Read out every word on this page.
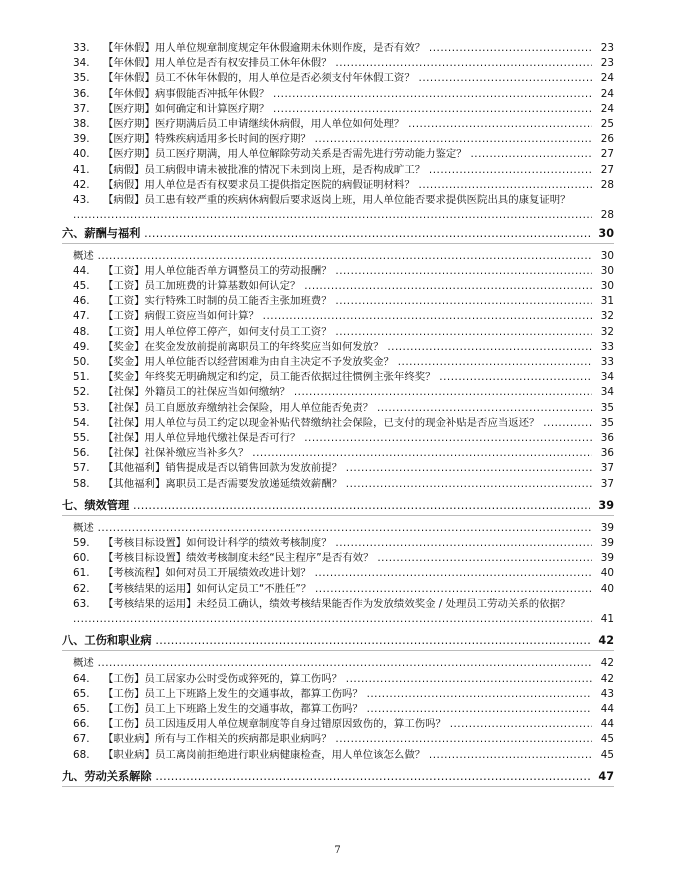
33. 【年休假】用人单位规章制度规定年休假逾期未休则作废，是否有效？ .....	23
34. 【年休假】用人单位是否有权安排员工休年休假？ .....	23
35. 【年休假】员工不休年休假的，用人单位是否必须支付年休假工资？ .....	24
36. 【年休假】病事假能否冲抵年休假？ .....	24
37. 【医疗期】如何确定和计算医疗期？ .....	24
38. 【医疗期】医疗期满后员工申请继续休病假，用人单位如何处理？ .....	25
39. 【医疗期】特殊疾病适用多长时间的医疗期？ .....	26
40. 【医疗期】员工医疗期满，用人单位解除劳动关系是否需先进行劳动能力鉴定？ .....	27
41. 【病假】员工病假申请未被批准的情况下未到岗上班，是否构成旷工？ .....	27
42. 【病假】用人单位是否有权要求员工提供指定医院的病假证明材料？ .....	28
43. 【病假】员工患有较严重的疾病休病假后要求返岗上班，用人单位能否要求提供医院出具的康复证明？
.....
28
六、薪酬与福利 .....	30
概述 .....	30
44. 【工资】用人单位能否单方调整员工的劳动报酬？ .....	30
45. 【工资】员工加班费的计算基数如何认定？ .....	30
46. 【工资】实行特殊工时制的员工能否主张加班费？ .....	31
47. 【工资】病假工资应当如何计算？ .....	32
48. 【工资】用人单位停工停产，如何支付员工工资？ .....	32
49. 【奖金】在奖金发放前提前离职员工的年终奖应当如何发放？ .....	33
50. 【奖金】用人单位能否以经营困难为由自主决定不予发放奖金？ .....	33
51. 【奖金】年终奖无明确规定和约定，员工能否依据过往惯例主张年终奖？ .....	34
52. 【社保】外籍员工的社保应当如何缴纳？ .....	34
53. 【社保】员工自愿放弃缴纳社会保险，用人单位能否免责？ .....	35
54. 【社保】用人单位与员工约定以现金补贴代替缴纳社会保险，已支付的现金补贴是否应当返还？ .....	35
55. 【社保】用人单位异地代缴社保是否可行？ .....	36
56. 【社保】社保补缴应当补多久？ .....	36
57. 【其他福利】销售提成是否以销售回款为发放前提？ .....	37
58. 【其他福利】离职员工是否需要发放递延绩效薪酬？ .....	37
七、绩效管理 .....	39
概述 .....	39
59. 【考核目标设置】如何设计科学的绩效考核制度？ .....	39
60. 【考核目标设置】绩效考核制度未经“民主程序”是否有效？ .....	39
61. 【考核流程】如何对员工开展绩效改进计划？ .....	40
62. 【考核结果的运用】如何认定员工“不胜任”？ .....	40
63. 【考核结果的运用】未经员工确认，绩效考核结果能否作为发放绩效奖金 / 处理员工劳动关系的依据？
.....
41
八、工伤和职业病 .....	42
概述 .....	42
64. 【工伤】员工居家办公时受伤或猝死的，算工伤吗？ .....	42
65. 【工伤】员工上下班路上发生的交通事故，都算工伤吗？ .....	43
65. 【工伤】员工上下班路上发生的交通事故，都算工伤吗？ .....	44
66. 【工伤】员工因违反用人单位规章制度等自身过错原因致伤的，算工伤吗？ .....	44
67. 【职业病】所有与工作相关的疾病都是职业病吗？ .....	45
68. 【职业病】员工离岗前拒绝进行职业病健康检查，用人单位该怎么做？ .....	45
九、劳动关系解除 .....	47
7
